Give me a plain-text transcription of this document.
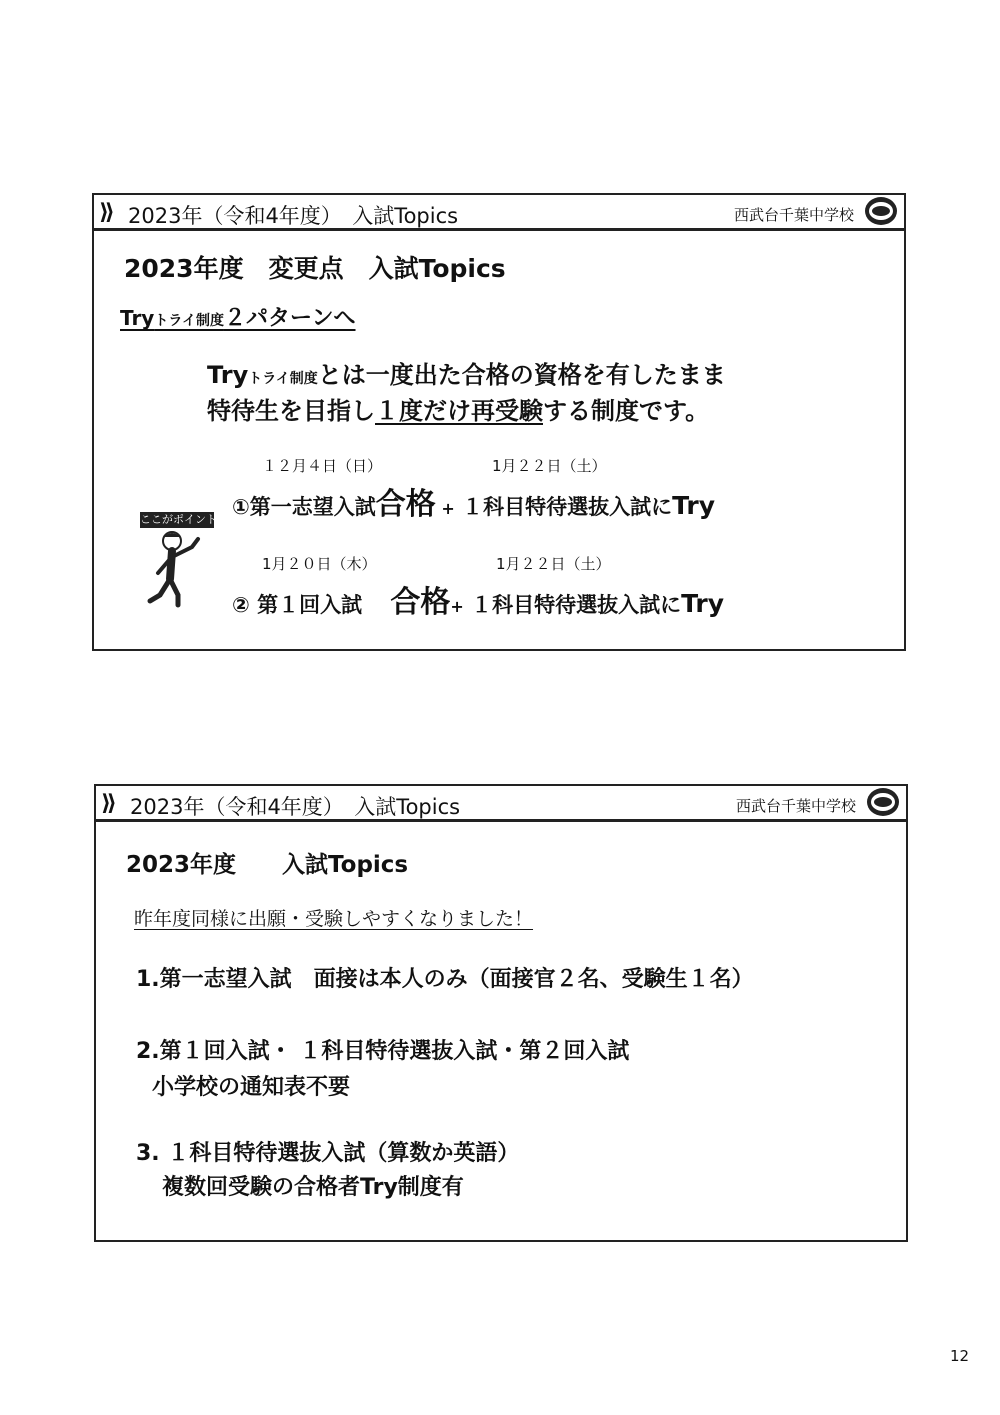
⟫ 2023年（令和4年度）　入試Topics	西武台千葉中学校
2023年度　変更点　入試Topics
Tryトライ制度２パターンへ
Tryトライ制度とは一度出た合格の資格を有したまま
特待生を目指し１度だけ再受験する制度です。
１２月４日（日）	1月２２日（土）
①第一志望入試合格 + １科目特待選抜入試にTry
ここがポイント
1月２０日（木）	1月２２日（土）
② 第１回入試　 合格+ １科目特待選抜入試にTry
⟫ 2023年（令和4年度）　入試Topics	西武台千葉中学校
2023年度　　入試Topics
昨年度同様に出願・受験しやすくなりました！
1.第一志望入試　面接は本人のみ（面接官２名、受験生１名）
2.第１回入試・ １科目特待選抜入試・第２回入試
小学校の通知表不要
3. １科目特待選抜入試（算数か英語）
複数回受験の合格者Try制度有
12
